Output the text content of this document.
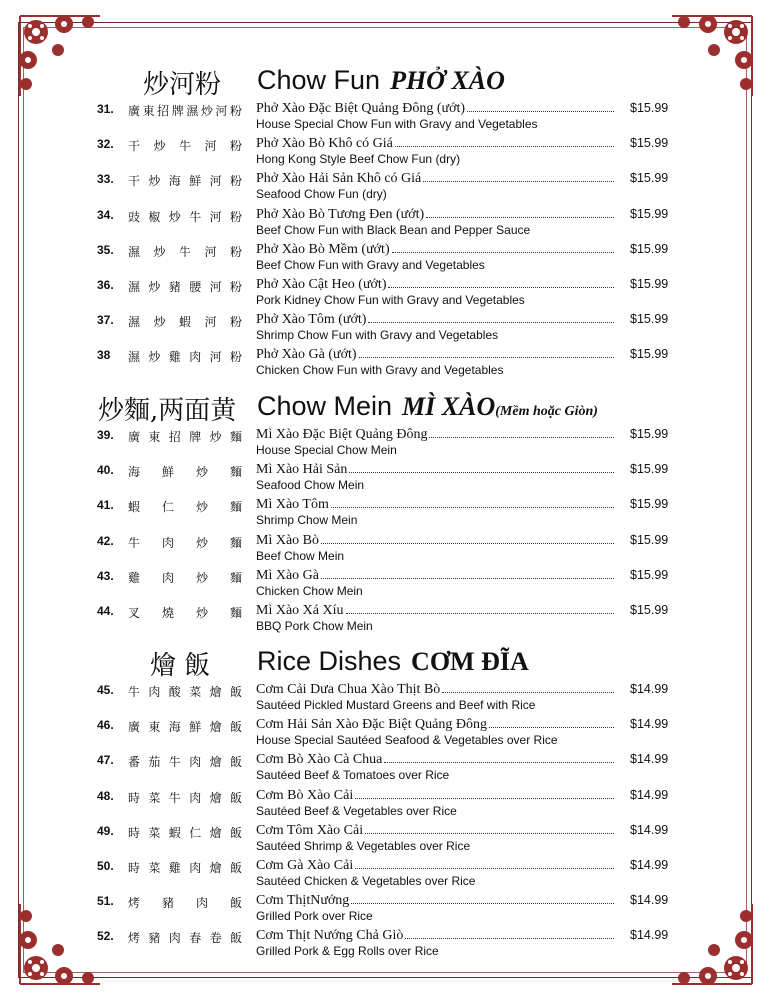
炒河粉 Chow Fun PHỞ XÀO
31. 廣東招牌濕炒河粉 Phở Xào Đặc Biệt Quảng Đông (ướt)
House Special Chow Fun with Gravy and Vegetables
$15.99
32. 干炒牛河粉 Phở Xào Bò Khô có Giá
Hong Kong Style Beef Chow Fun (dry)
$15.99
33. 干炒海鮮河粉 Phở Xào Hải Sản Khô có Giá
Seafood Chow Fun (dry)
$15.99
34. 豉椒炒牛河粉 Phở Xào Bò Tương Đen (ướt)
Beef Chow Fun with Black Bean and Pepper Sauce
$15.99
35. 濕炒牛河粉 Phở Xào Bò Mềm (ướt)
Beef Chow Fun with Gravy and Vegetables
$15.99
36. 濕炒豬腰河粉 Phở Xào Cật Heo (ướt)
Pork Kidney Chow Fun with Gravy and Vegetables
$15.99
37. 濕炒蝦河粉 Phở Xào Tôm (ướt)
Shrimp Chow Fun with Gravy and Vegetables
$15.99
38 濕炒雞肉河粉 Phở Xào Gà (ướt)
Chicken Chow Fun with Gravy and Vegetables
$15.99
炒麵,两面黄 Chow Mein MÌ XÀO(Mềm hoặc Giòn)
39. 廣東招牌炒麵 Mì Xào Đặc Biệt Quảng Đông
House Special Chow Mein
$15.99
40. 海鮮炒麵 Mì Xào Hải Sản
Seafood Chow Mein
$15.99
41. 蝦仁炒麵 Mì Xào Tôm
Shrimp Chow Mein
$15.99
42. 牛肉炒麵 Mì Xào Bò
Beef Chow Mein
$15.99
43. 雞肉炒麵 Mì Xào Gà
Chicken Chow Mein
$15.99
44. 叉燒炒麵 Mì Xào Xá Xíu
BBQ Pork Chow Mein
$15.99
燴 飯 Rice Dishes CƠM ĐĨA
45. 牛肉酸菜燴飯 Cơm Cải Dưa Chua Xào Thịt Bò
Sautéed Pickled Mustard Greens and Beef with Rice
$14.99
46. 廣東海鮮燴飯 Cơm Hải Sản Xào Đặc Biệt Quảng Đông
House Special Sautéed Seafood & Vegetables over Rice
$14.99
47. 番茄牛肉燴飯 Cơm Bò Xào Cà Chua
Sautéed Beef & Tomatoes over Rice
$14.99
48. 時菜牛肉燴飯 Cơm Bò Xào Cải
Sautéed Beef & Vegetables over Rice
$14.99
49. 時菜蝦仁燴飯 Cơm Tôm Xào Cải
Sautéed Shrimp & Vegetables over Rice
$14.99
50. 時菜雞肉燴飯 Cơm Gà Xào Cải
Sautéed Chicken & Vegetables over Rice
$14.99
51. 烤豬肉飯 Cơm ThịtNướng
Grilled Pork over Rice
$14.99
52. 烤豬肉春卷飯 Cơm Thịt Nướng Chả Giò
Grilled Pork & Egg Rolls over Rice
$14.99
